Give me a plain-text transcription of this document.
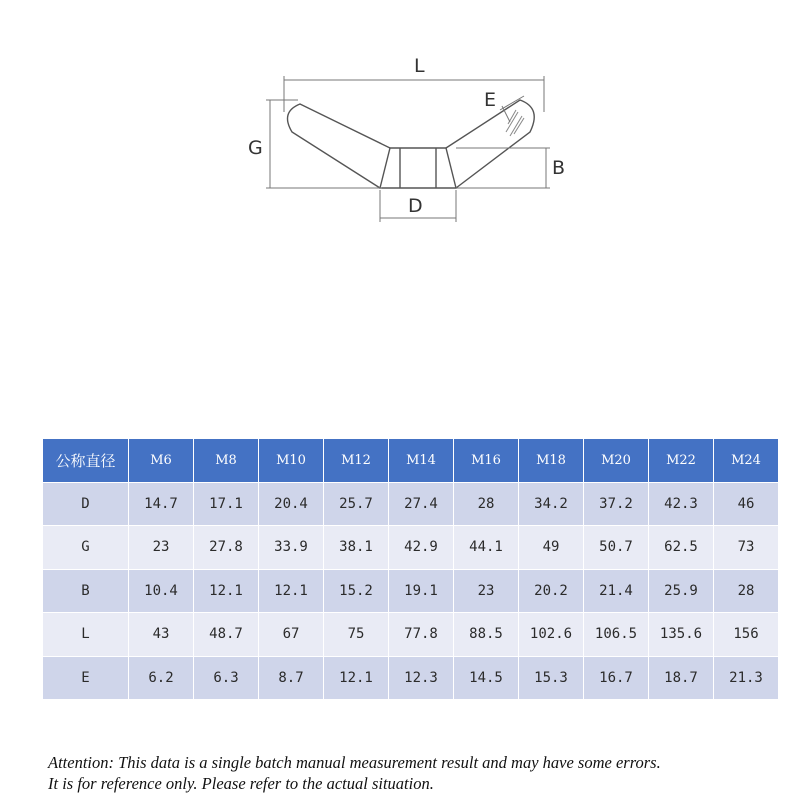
L
E
G
B
D
公称直径	M6	M8	M10	M12	M14	M16	M18	M20	M22	M24
D	14.7	17.1	20.4	25.7	27.4	28	34.2	37.2	42.3	46
G	23	27.8	33.9	38.1	42.9	44.1	49	50.7	62.5	73
B	10.4	12.1	12.1	15.2	19.1	23	20.2	21.4	25.9	28
L	43	48.7	67	75	77.8	88.5	102.6	106.5	135.6	156
E	6.2	6.3	8.7	12.1	12.3	14.5	15.3	16.7	18.7	21.3
Attention: This data is a single batch manual measurement result and may have some errors.
It is for reference only. Please refer to the actual situation.
